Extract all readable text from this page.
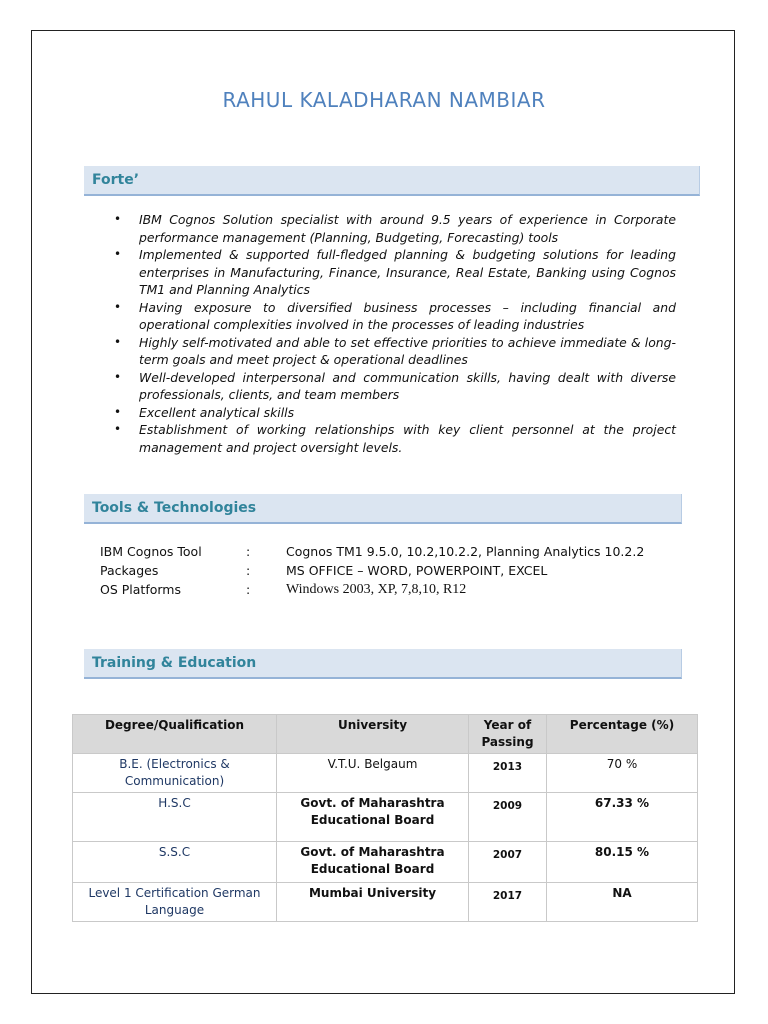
RAHUL KALADHARAN NAMBIAR
Forte’
• IBM Cognos Solution specialist with around 9.5 years of experience in Corporate performance management (Planning, Budgeting, Forecasting) tools
• Implemented & supported full-fledged planning & budgeting solutions for leading enterprises in Manufacturing, Finance, Insurance, Real Estate, Banking using Cognos TM1 and Planning Analytics
• Having exposure to diversified business processes – including financial and operational complexities involved in the processes of leading industries
• Highly self-motivated and able to set effective priorities to achieve immediate & long-term goals and meet project & operational deadlines
• Well-developed interpersonal and communication skills, having dealt with diverse professionals, clients, and team members
• Excellent analytical skills
• Establishment of working relationships with key client personnel at the project management and project oversight levels.
Tools & Technologies
IBM Cognos Tool	:	Cognos TM1 9.5.0, 10.2,10.2.2, Planning Analytics 10.2.2
Packages	:	MS OFFICE – WORD, POWERPOINT, EXCEL
OS Platforms	:	Windows 2003, XP, 7,8,10, R12
Training & Education
Degree/Qualification	University	Year of Passing	Percentage (%)
B.E. (Electronics & Communication)	V.T.U. Belgaum	2013	70 %
H.S.C	Govt. of Maharashtra Educational Board	2009	67.33 %
S.S.C	Govt. of Maharashtra Educational Board	2007	80.15 %
Level 1 Certification German Language	Mumbai University	2017	NA
